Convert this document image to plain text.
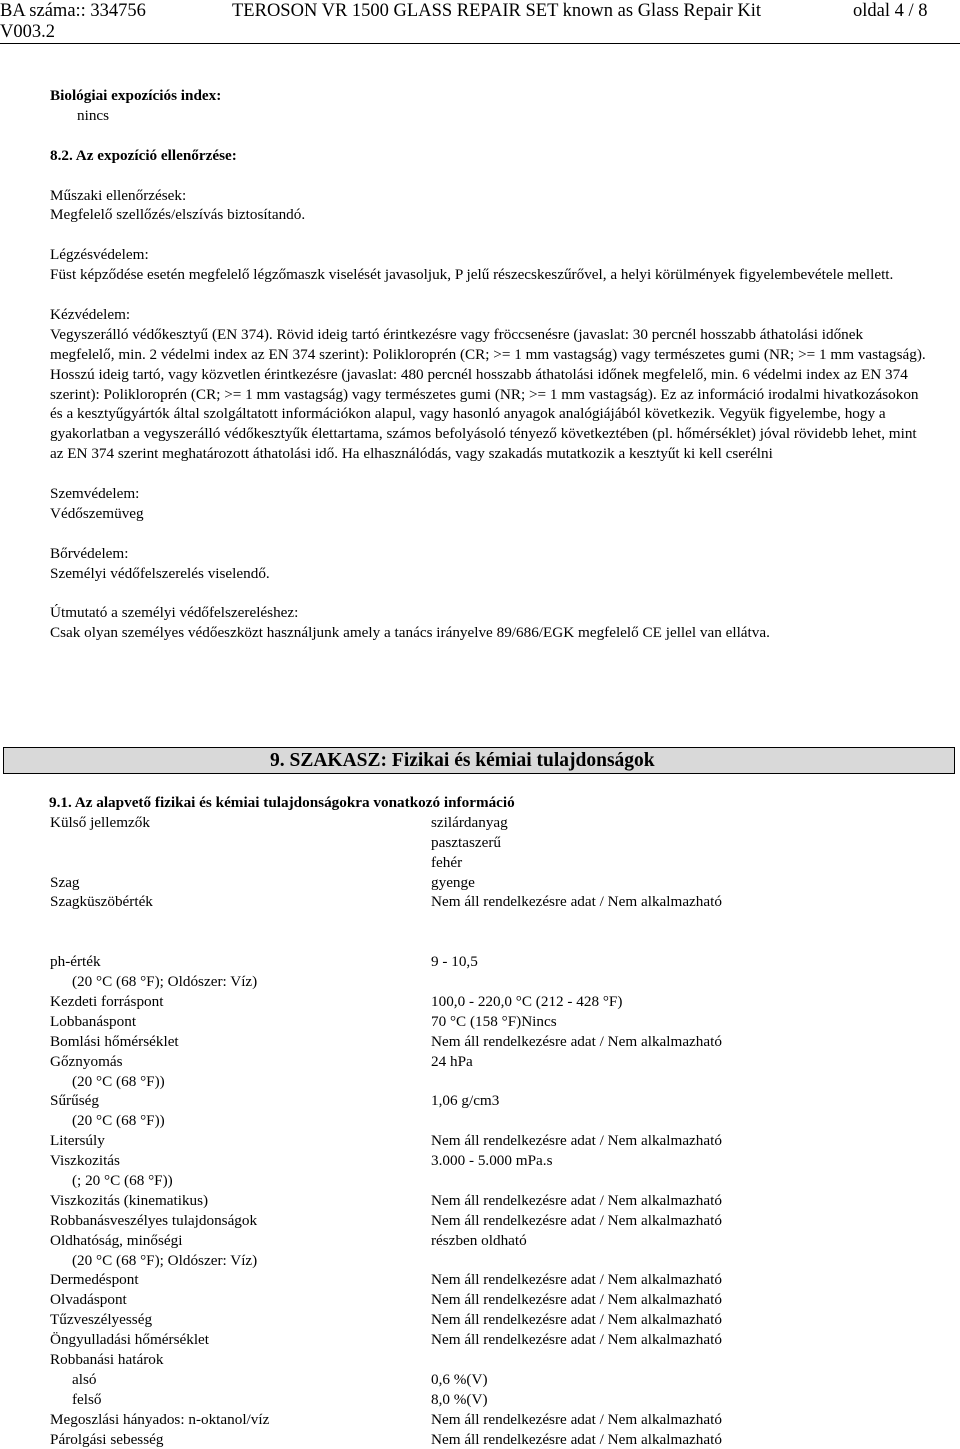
BA száma:: 334756	TEROSON VR 1500 GLASS REPAIR SET known as Glass Repair Kit	oldal 4 / 8
V003.2
Biológiai expozíciós index:
nincs
8.2. Az expozíció ellenőrzése:
Műszaki ellenőrzések:
Megfelelő szellőzés/elszívás biztosítandó.
Légzésvédelem:
Füst képződése esetén megfelelő légzőmaszk viselését javasoljuk, P jelű részecskeszűrővel, a helyi körülmények figyelembevétele mellett.
Kézvédelem:
Vegyszerálló védőkesztyű (EN 374). Rövid ideig tartó érintkezésre vagy fröccsenésre (javaslat: 30 percnél hosszabb áthatolási időnek megfelelő, min. 2 védelmi index az EN 374 szerint): Polikloroprén (CR; >= 1 mm vastagság) vagy természetes gumi (NR; >= 1 mm vastagság). Hosszú ideig tartó, vagy közvetlen érintkezésre (javaslat: 480 percnél hosszabb áthatolási időnek megfelelő, min. 6 védelmi index az EN 374 szerint): Polikloroprén (CR; >= 1 mm vastagság) vagy természetes gumi (NR; >= 1 mm vastagság). Ez az információ irodalmi hivatkozásokon és a kesztyűgyártók által szolgáltatott információkon alapul, vagy hasonló anyagok analógiájából következik. Vegyük figyelembe, hogy a gyakorlatban a vegyszerálló védőkesztyűk élettartama, számos befolyásoló tényező következtében (pl. hőmérséklet) jóval rövidebb lehet, mint az EN 374 szerint meghatározott áthatolási idő. Ha elhasználódás, vagy szakadás mutatkozik a kesztyűt ki kell cserélni
Szemvédelem:
Védőszemüveg
Bőrvédelem:
Személyi védőfelszerelés viselendő.
Útmutató a személyi védőfelszereléshez:
Csak olyan személyes védőeszközt használjunk amely a tanács irányelve 89/686/EGK megfelelő CE jellel van ellátva.
9. SZAKASZ: Fizikai és kémiai tulajdonságok
9.1. Az alapvető fizikai és kémiai tulajdonságokra vonatkozó információ
Külső jellemzők	szilárdanyag
pasztaszerű
fehér
Szag	gyenge
Szagküszöbérték	Nem áll rendelkezésre adat / Nem alkalmazható
ph-érték	9 - 10,5
(20 °C (68 °F); Oldószer: Víz)
Kezdeti forráspont	100,0 - 220,0 °C (212 - 428 °F)
Lobbanáspont	70 °C (158 °F)Nincs
Bomlási hőmérséklet	Nem áll rendelkezésre adat / Nem alkalmazható
Gőznyomás	24 hPa
(20 °C (68 °F))
Sűrűség	1,06 g/cm3
(20 °C (68 °F))
Litersúly	Nem áll rendelkezésre adat / Nem alkalmazható
Viszkozitás	3.000 - 5.000 mPa.s
(; 20 °C (68 °F))
Viszkozitás (kinematikus)	Nem áll rendelkezésre adat / Nem alkalmazható
Robbanásveszélyes tulajdonságok	Nem áll rendelkezésre adat / Nem alkalmazható
Oldhatóság, minőségi	részben oldható
(20 °C (68 °F); Oldószer: Víz)
Dermedéspont	Nem áll rendelkezésre adat / Nem alkalmazható
Olvadáspont	Nem áll rendelkezésre adat / Nem alkalmazható
Tűzveszélyesség	Nem áll rendelkezésre adat / Nem alkalmazható
Öngyulladási hőmérséklet	Nem áll rendelkezésre adat / Nem alkalmazható
Robbanási határok
alsó	0,6 %(V)
felső	8,0 %(V)
Megoszlási hányados: n-oktanol/víz	Nem áll rendelkezésre adat / Nem alkalmazható
Párolgási sebesség	Nem áll rendelkezésre adat / Nem alkalmazható
